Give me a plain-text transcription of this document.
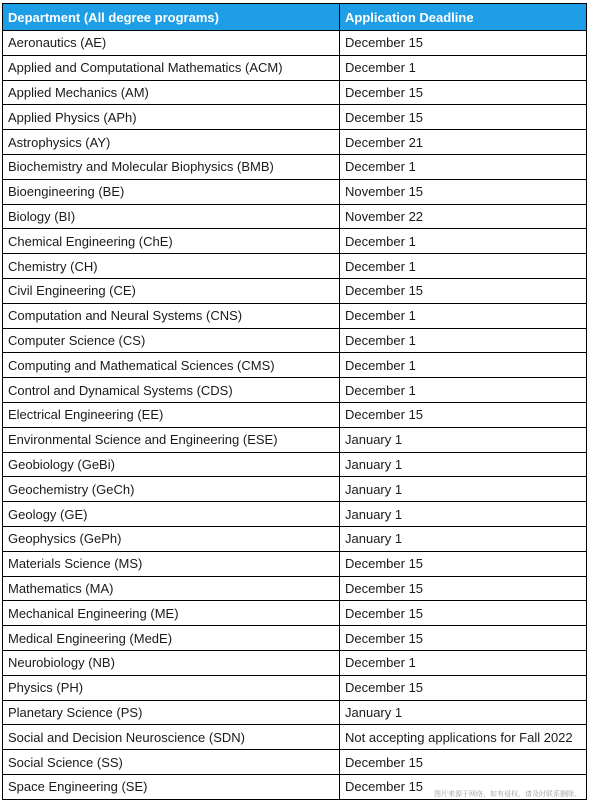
Department (All degree programs)	Application Deadline
Aeronautics (AE)	December 15
Applied and Computational Mathematics (ACM)	December 1
Applied Mechanics (AM)	December 15
Applied Physics (APh)	December 15
Astrophysics (AY)	December 21
Biochemistry and Molecular Biophysics (BMB)	December 1
Bioengineering (BE)	November 15
Biology (BI)	November 22
Chemical Engineering (ChE)	December 1
Chemistry (CH)	December 1
Civil Engineering (CE)	December 15
Computation and Neural Systems (CNS)	December 1
Computer Science (CS)	December 1
Computing and Mathematical Sciences (CMS)	December 1
Control and Dynamical Systems (CDS)	December 1
Electrical Engineering (EE)	December 15
Environmental Science and Engineering (ESE)	January 1
Geobiology (GeBi)	January 1
Geochemistry (GeCh)	January 1
Geology (GE)	January 1
Geophysics (GePh)	January 1
Materials Science (MS)	December 15
Mathematics (MA)	December 15
Mechanical Engineering (ME)	December 15
Medical Engineering (MedE)	December 15
Neurobiology (NB)	December 1
Physics (PH)	December 15
Planetary Science (PS)	January 1
Social and Decision Neuroscience (SDN)	Not accepting applications for Fall 2022
Social Science (SS)	December 15
Space Engineering (SE)	December 15 图片来源于网络，如有侵权，请及时联系删除。
